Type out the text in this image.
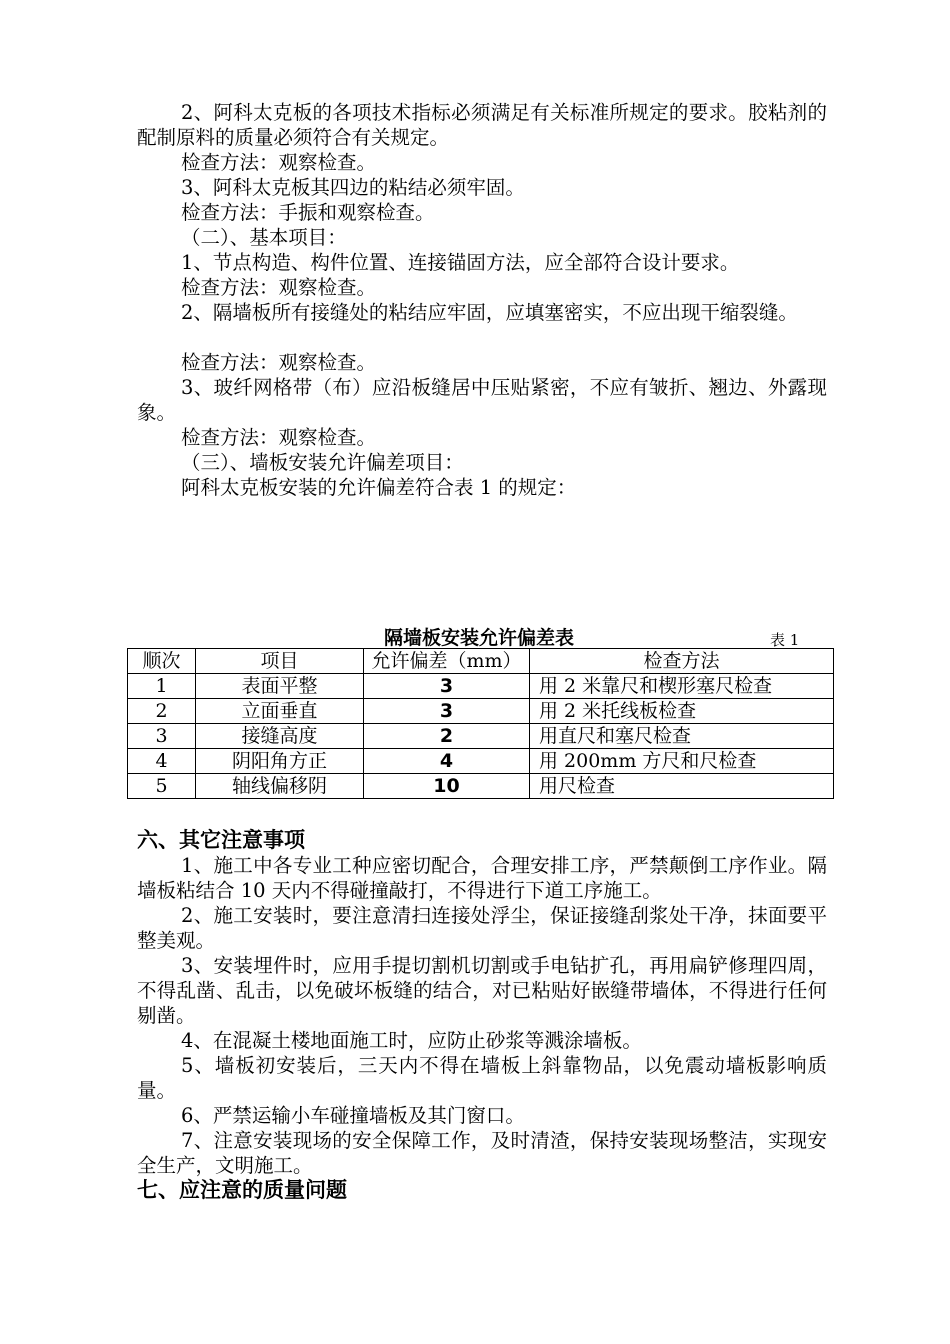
2、阿科太克板的各项技术指标必须满足有关标准所规定的要求。胶粘剂的配制原料的质量必须符合有关规定。
检查方法：观察检查。
3、阿科太克板其四边的粘结必须牢固。
检查方法：手振和观察检查。
（二）、基本项目：
1、节点构造、构件位置、连接锚固方法，应全部符合设计要求。
检查方法：观察检查。
2、隔墙板所有接缝处的粘结应牢固，应填塞密实，不应出现干缩裂缝。
检查方法：观察检查。
3、玻纤网格带（布）应沿板缝居中压贴紧密，不应有皱折、翘边、外露现象。
检查方法：观察检查。
（三）、墙板安装允许偏差项目：
阿科太克板安装的允许偏差符合表 1 的规定：
隔墙板安装允许偏差表	表 1
顺次	项目	允许偏差（mm）	检查方法
1	表面平整	3	用 2 米靠尺和楔形塞尺检查
2	立面垂直	3	用 2 米托线板检查
3	接缝高度	2	用直尺和塞尺检查
4	阴阳角方正	4	用 200mm 方尺和尺检查
5	轴线偏移阴	10	用尺检查
六、其它注意事项
1、施工中各专业工种应密切配合，合理安排工序，严禁颠倒工序作业。隔墙板粘结合 10 天内不得碰撞敲打，不得进行下道工序施工。
2、施工安装时，要注意清扫连接处浮尘，保证接缝刮浆处干净，抹面要平整美观。
3、安装埋件时，应用手提切割机切割或手电钻扩孔，再用扁铲修理四周，不得乱凿、乱击，以免破坏板缝的结合，对已粘贴好嵌缝带墙体，不得进行任何剔凿。
4、在混凝土楼地面施工时，应防止砂浆等溅涂墙板。
5、墙板初安装后，三天内不得在墙板上斜靠物品，以免震动墙板影响质量。
6、严禁运输小车碰撞墙板及其门窗口。
7、注意安装现场的安全保障工作，及时清渣，保持安装现场整洁，实现安全生产，文明施工。
七、应注意的质量问题
